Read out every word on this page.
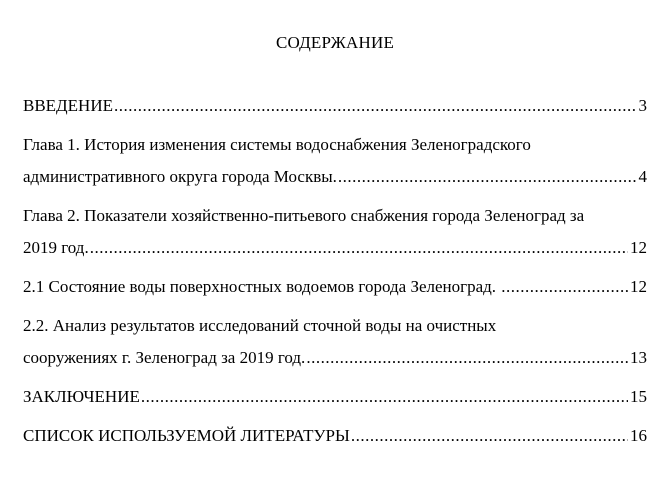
СОДЕРЖАНИЕ
ВВЕДЕНИЕ .....	3
Глава 1. История изменения системы водоснабжения Зеленоградского
административного округа города Москвы. .....	4
Глава 2. Показатели хозяйственно-питьевого снабжения города Зеленоград за
2019 год. .....	12
2.1 Состояние воды поверхностных водоемов города Зеленоград. .....	12
2.2. Анализ результатов исследований сточной воды на очистных
сооружениях г. Зеленоград за 2019 год. .....	13
ЗАКЛЮЧЕНИЕ .....	15
СПИСОК ИСПОЛЬЗУЕМОЙ ЛИТЕРАТУРЫ .....	16
